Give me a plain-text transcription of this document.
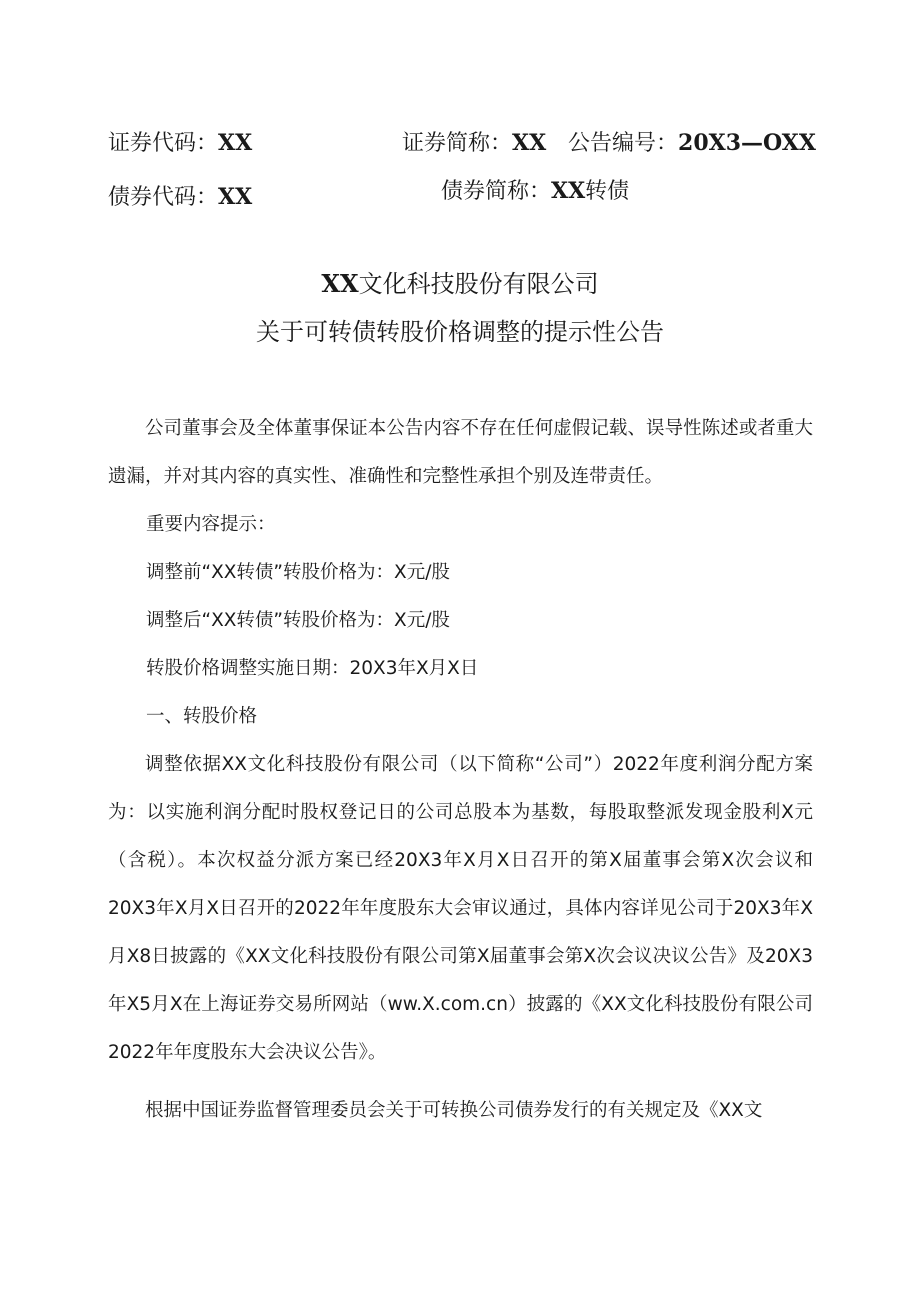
证券代码：XX	证券简称：XX 公告编号：20X3—OXX
债券代码：XX	债券简称：XX转债
XX文化科技股份有限公司
关于可转债转股价格调整的提示性公告

公司董事会及全体董事保证本公告内容不存在任何虚假记载、误导性陈述或者重大遗漏，并对其内容的真实性、准确性和完整性承担个别及连带责任。

重要内容提示：

调整前“XX转债”转股价格为：X元/股

调整后“XX转债”转股价格为：X元/股

转股价格调整实施日期：20X3年X月X日

一、转股价格

调整依据XX文化科技股份有限公司（以下简称“公司”）2022年度利润分配方案为：以实施利润分配时股权登记日的公司总股本为基数，每股取整派发现金股利X元（含税）。本次权益分派方案已经20X3年X月X日召开的第X届董事会第X次会议和20X3年X月X日召开的2022年年度股东大会审议通过，具体内容详见公司于20X3年X月X8日披露的《XX文化科技股份有限公司第X届董事会第X次会议决议公告》及20X3年X5月X在上海证券交易所网站（ww.X.com.cn）披露的《XX文化科技股份有限公司2022年年度股东大会决议公告》。

根据中国证券监督管理委员会关于可转换公司债券发行的有关规定及《XX文
